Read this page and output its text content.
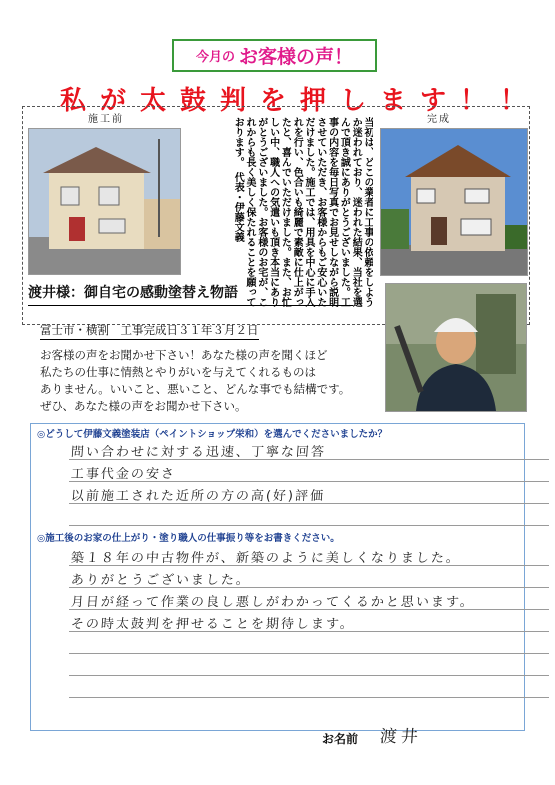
今月の お客様の声！
私が太鼓判を押します！！
施工前	完成
当初は、どこの業者に工事の依頼をしようか迷われており、迷われた結果、当社を選んで頂き誠にありがとうございました。工事の内容を毎日写真でお見せしながら説明させていただき、お客様からもご安心いただけました。施工では、用具を中心に手入れを行い、色合いも綺麗で素敵に仕上がったと、喜んでいただけました。また、お忙しい中、職人への気遣いも頂き本当にありがとうございました。お客様のお宅が、これからも長く美しく保たれることを願っております。　代表・伊藤文義
渡井様：御自宅の感動塗替え物語
富士市・横割　工事完成日３１年３月２日

お客様の声をお聞かせ下さい！あなた様の声を聞くほど

私たちの仕事に情熱とやりがいを与えてくれるものは

ありません。いいこと、悪いこと、どんな事でも結構です。

ぜひ、あなた様の声をお聞かせ下さい。

◎どうして伊藤文義塗装店（ペイントショップ栄和）を選んでくださいましたか？
問い合わせに対する迅速、丁寧な回答
工事代金の安さ
以前施工された近所の方の高(好)評価
◎施工後のお家の仕上がり・塗り職人の仕事振り等をお書きください。
築１８年の中古物件が、新築のように美しくなりました。
ありがとうございました。
月日が経って作業の良し悪しがわかってくるかと思います。
その時太鼓判を押せることを期待します。
お名前 渡井
